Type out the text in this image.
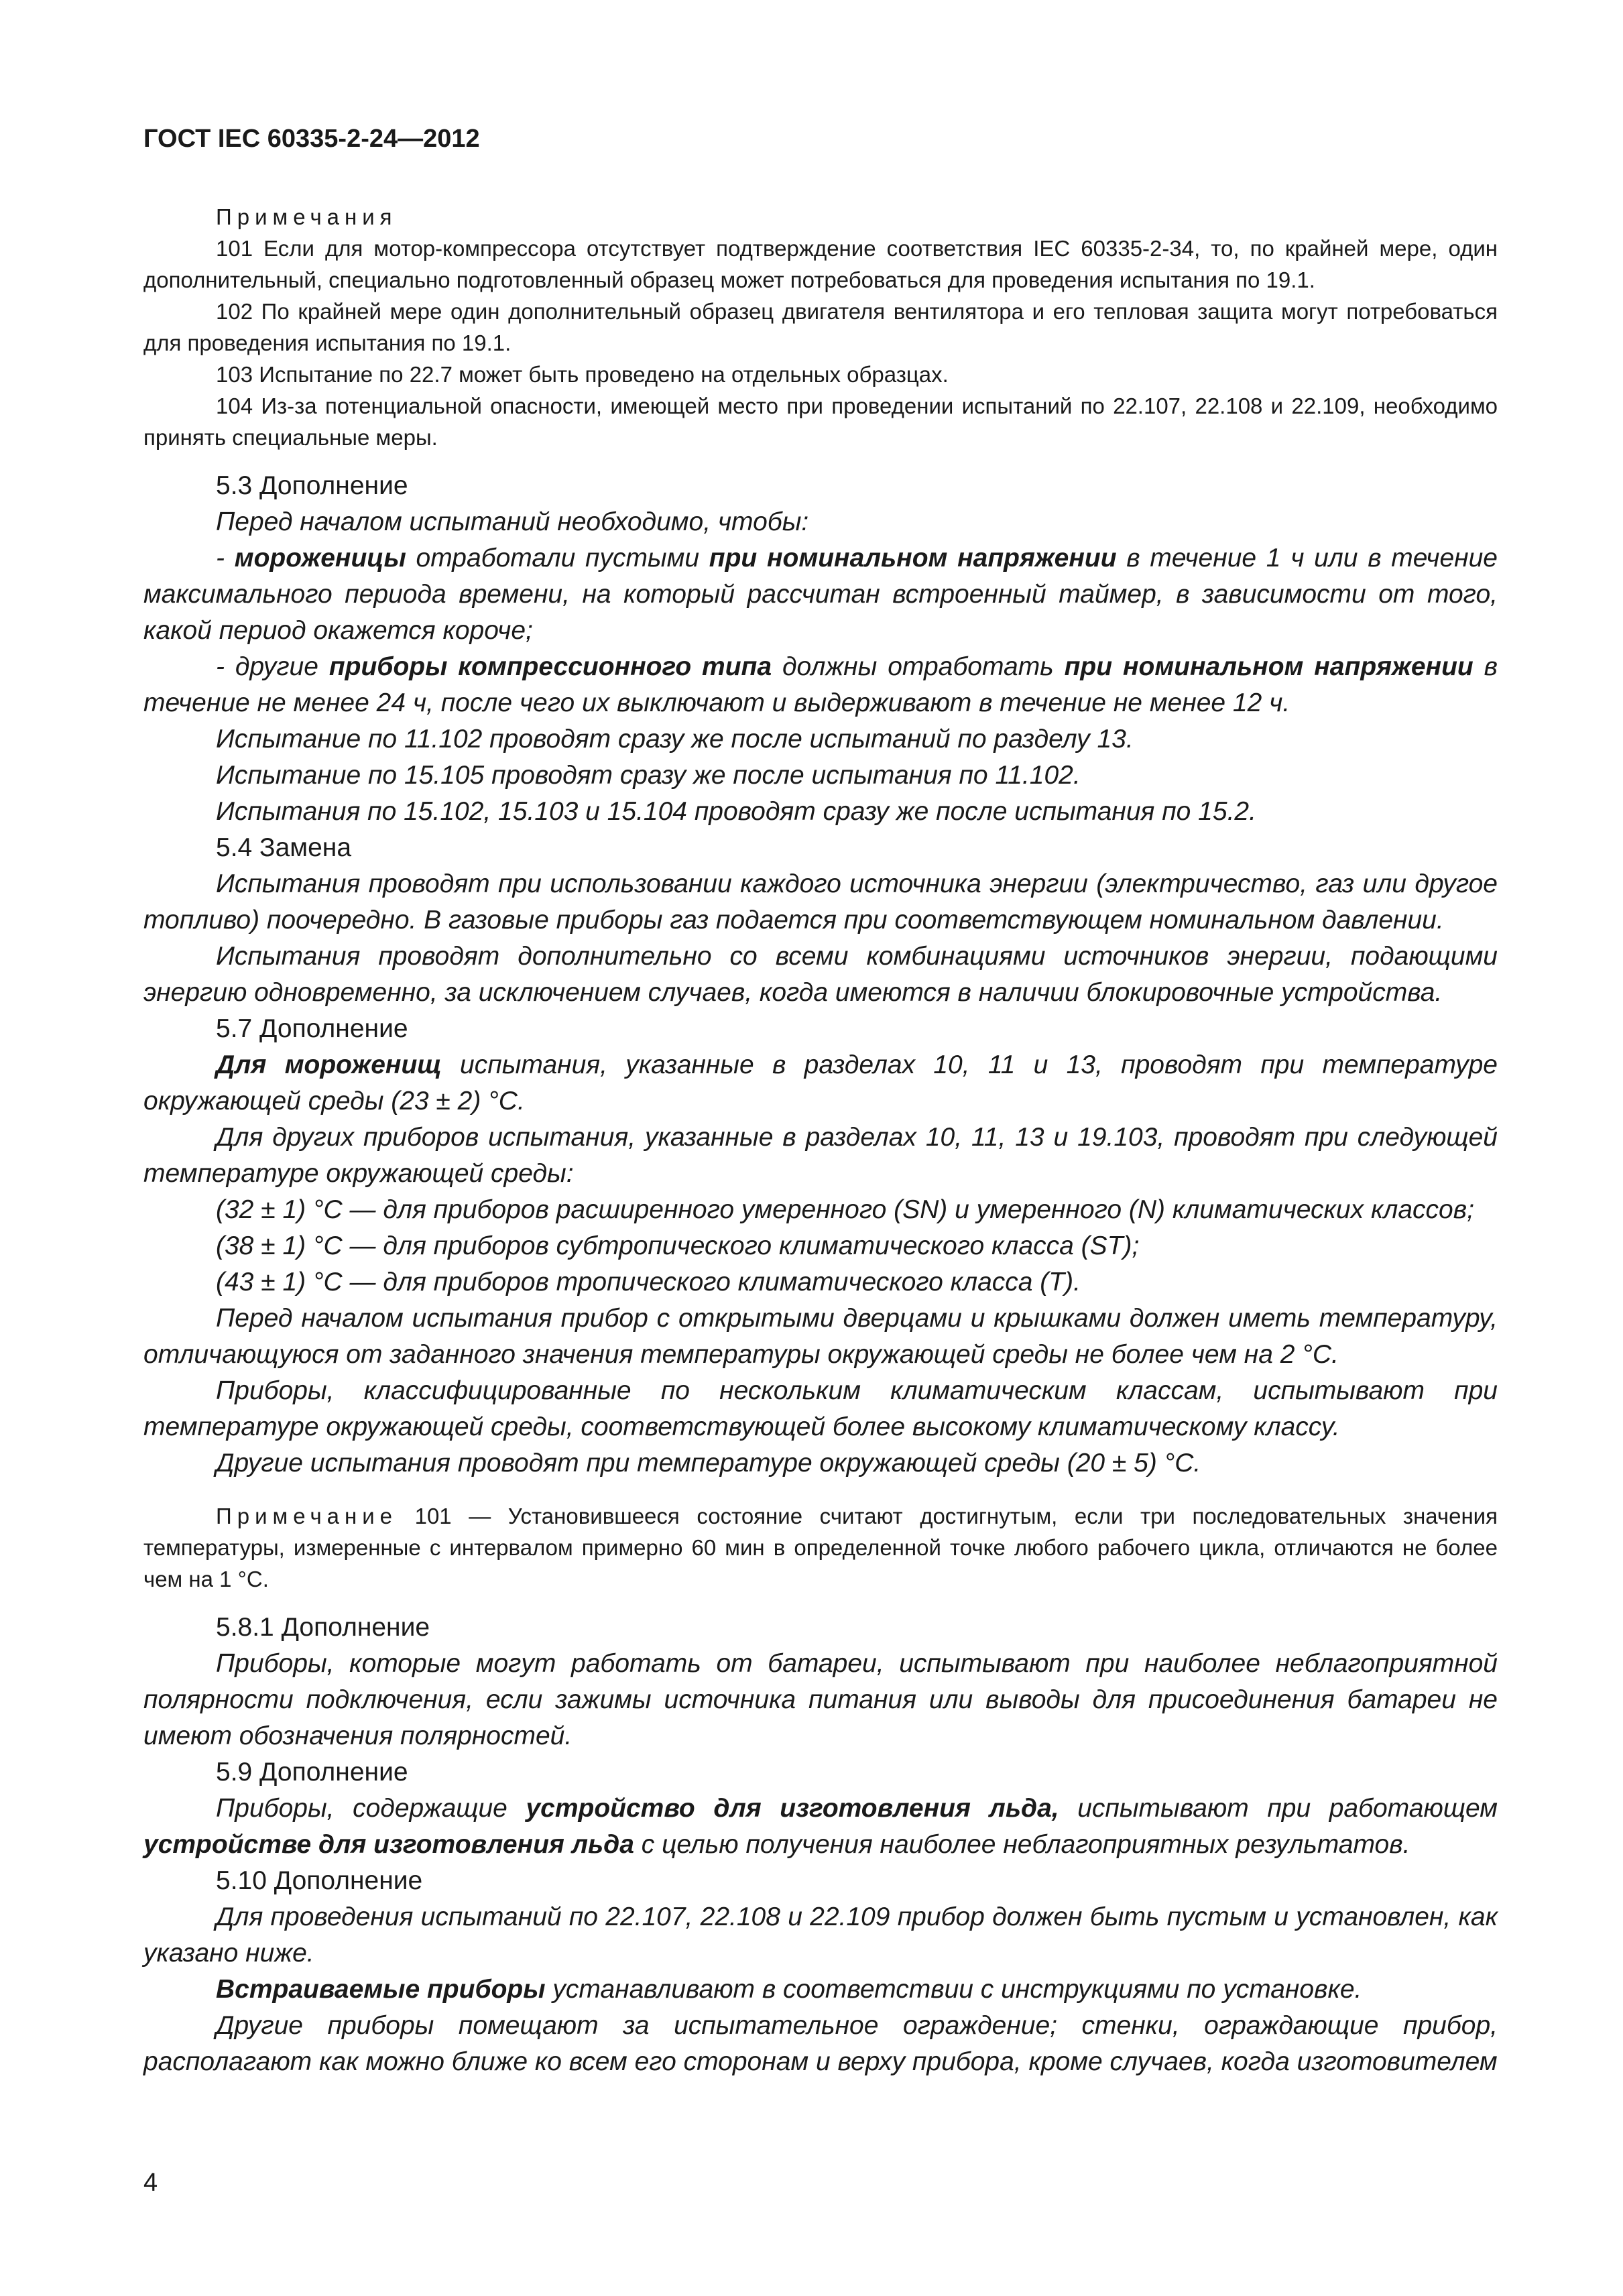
ГОСТ IEC 60335-2-24—2012

Примечания

101 Если для мотор-компрессора отсутствует подтверждение соответствия IEC 60335-2-34, то, по крайней мере, один дополнительный, специально подготовленный образец может потребоваться для проведения испытания по 19.1.

102 По крайней мере один дополнительный образец двигателя вентилятора и его тепловая защита могут потребоваться для проведения испытания по 19.1.

103 Испытание по 22.7 может быть проведено на отдельных образцах.

104 Из-за потенциальной опасности, имеющей место при проведении испытаний по 22.107, 22.108 и 22.109, необходимо принять специальные меры.

5.3 Дополнение

Перед началом испытаний необходимо, чтобы:

- мороженицы отработали пустыми при номинальном напряжении в течение 1 ч или в течение максимального периода времени, на который рассчитан встроенный таймер, в зависимости от того, какой период окажется короче;

- другие приборы компрессионного типа должны отработать при номинальном напряжении в течение не менее 24 ч, после чего их выключают и выдерживают в течение не менее 12 ч.

Испытание по 11.102 проводят сразу же после испытаний по разделу 13.

Испытание по 15.105 проводят сразу же после испытания по 11.102.

Испытания по 15.102, 15.103 и 15.104 проводят сразу же после испытания по 15.2.

5.4 Замена

Испытания проводят при использовании каждого источника энергии (электричество, газ или другое топливо) поочередно. В газовые приборы газ подается при соответствующем номинальном давлении.

Испытания проводят дополнительно со всеми комбинациями источников энергии, подающими энергию одновременно, за исключением случаев, когда имеются в наличии блокировочные устройства.

5.7 Дополнение

Для мороженищ испытания, указанные в разделах 10, 11 и 13, проводят при температуре окружающей среды (23 ± 2) °С.

Для других приборов испытания, указанные в разделах 10, 11, 13 и 19.103, проводят при следующей температуре окружающей среды:

(32 ± 1) °С — для приборов расширенного умеренного (SN) и умеренного (N) климатических классов;

(38 ± 1) °С — для приборов субтропического климатического класса (ST);

(43 ± 1) °С — для приборов тропического климатического класса (Т).

Перед началом испытания прибор с открытыми дверцами и крышками должен иметь температуру, отличающуюся от заданного значения температуры окружающей среды не более чем на 2 °С.

Приборы, классифицированные по нескольким климатическим классам, испытывают при температуре окружающей среды, соответствующей более высокому климатическому классу.

Другие испытания проводят при температуре окружающей среды (20 ± 5) °С.

Примечание 101 — Установившееся состояние считают достигнутым, если три последовательных значения температуры, измеренные с интервалом примерно 60 мин в определенной точке любого рабочего цикла, отличаются не более чем на 1 °С.

5.8.1 Дополнение

Приборы, которые могут работать от батареи, испытывают при наиболее неблагоприятной полярности подключения, если зажимы источника питания или выводы для присоединения батареи не имеют обозначения полярностей.

5.9 Дополнение

Приборы, содержащие устройство для изготовления льда, испытывают при работающем устройстве для изготовления льда с целью получения наиболее неблагоприятных результатов.

5.10 Дополнение

Для проведения испытаний по 22.107, 22.108 и 22.109 прибор должен быть пустым и установлен, как указано ниже.

Встраиваемые приборы устанавливают в соответствии с инструкциями по установке.

Другие приборы помещают за испытательное ограждение; стенки, ограждающие прибор, располагают как можно ближе ко всем его сторонам и верху прибора, кроме случаев, когда изготовителем

4
